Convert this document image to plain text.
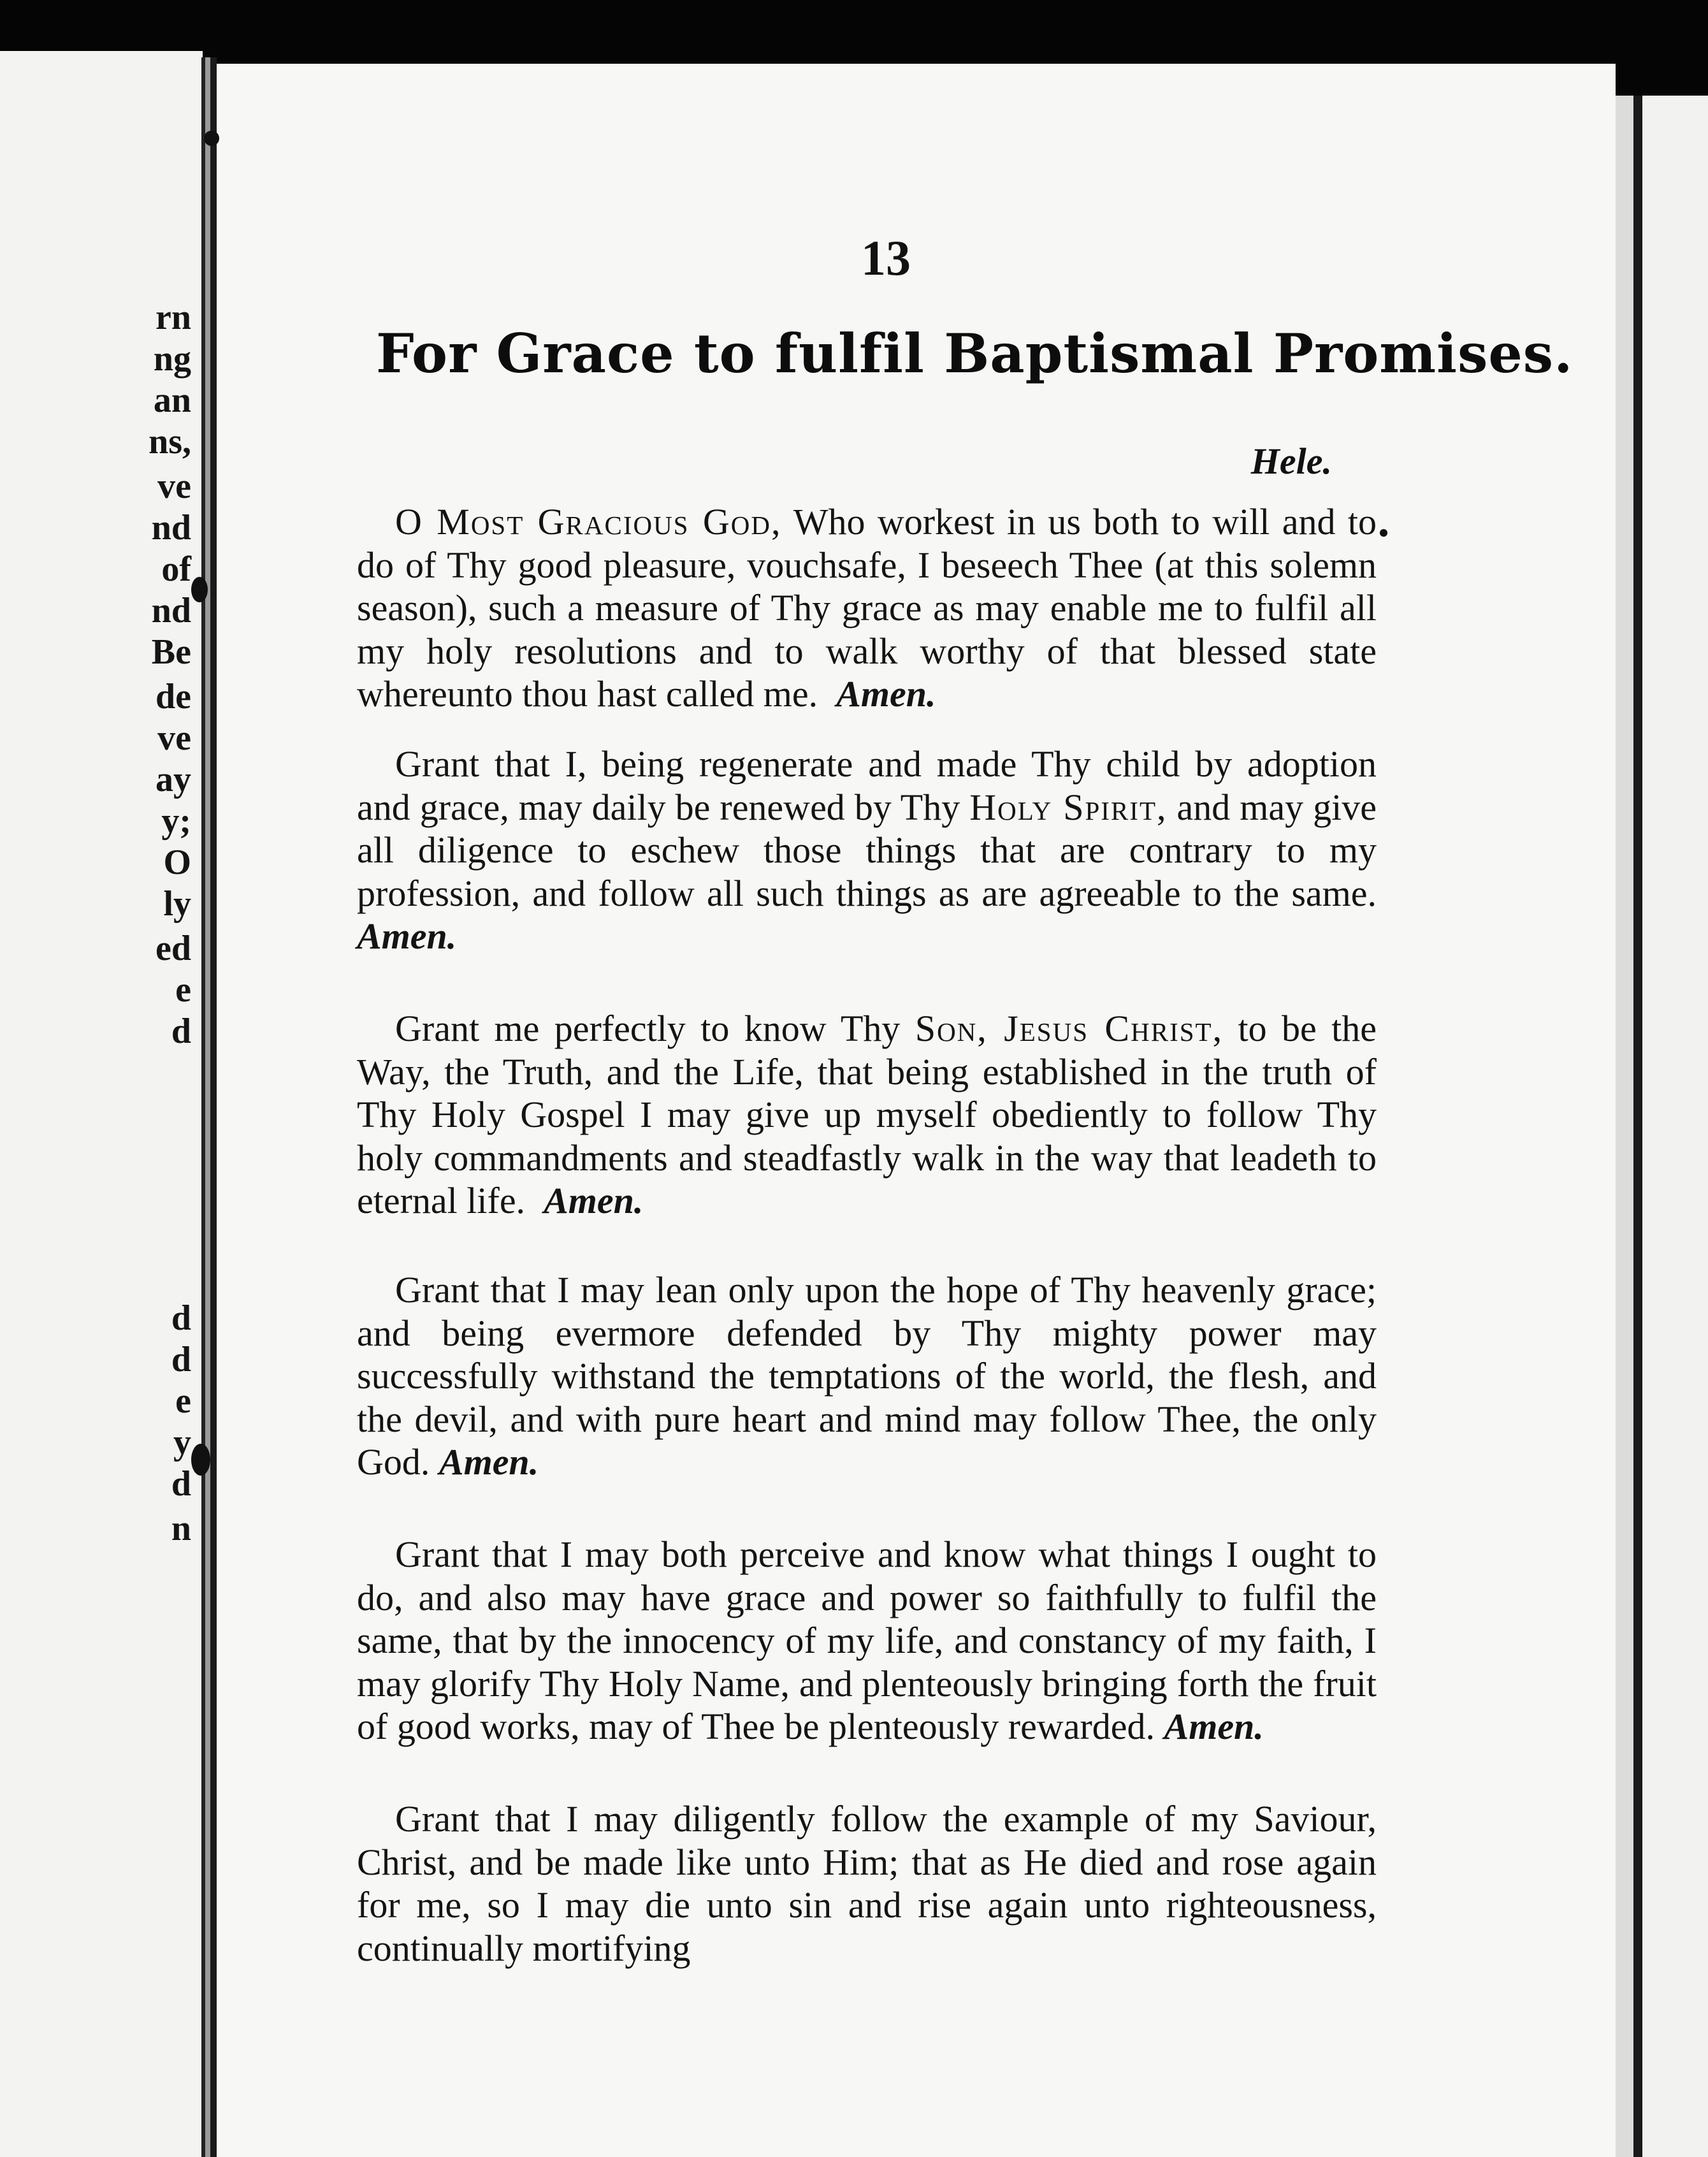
rn
ng
an
ns,
ve
nd
of
nd
Be
de
ve
ay
y;
O
ly
ed
e
d
d
d
e
y
d
n
13
For Grace to fulfil Baptismal Promises.
Hele.
O Most Gracious God, Who workest in us both to will and to do of Thy good pleasure, vouchsafe, I beseech Thee (at this solemn season), such a measure of Thy grace as may enable me to fulfil all my holy resolutions and to walk worthy of that blessed state whereunto thou hast called me. Amen.
Grant that I, being regenerate and made Thy child by adoption and grace, may daily be renewed by Thy Holy Spirit, and may give all diligence to eschew those things that are contrary to my profession, and follow all such things as are agreeable to the same. Amen.
Grant me perfectly to know Thy Son, Jesus Christ, to be the Way, the Truth, and the Life, that being established in the truth of Thy Holy Gospel I may give up myself obediently to follow Thy holy commandments and steadfastly walk in the way that leadeth to eternal life. Amen.
Grant that I may lean only upon the hope of Thy heavenly grace; and being evermore defended by Thy mighty power may successfully withstand the temptations of the world, the flesh, and the devil, and with pure heart and mind may follow Thee, the only God. Amen.
Grant that I may both perceive and know what things I ought to do, and also may have grace and power so faithfully to fulfil the same, that by the innocency of my life, and constancy of my faith, I may glorify Thy Holy Name, and plenteously bringing forth the fruit of good works, may of Thee be plenteously rewarded. Amen.
Grant that I may diligently follow the example of my Saviour, Christ, and be made like unto Him; that as He died and rose again for me, so I may die unto sin and rise again unto righteousness, continually mortifying
